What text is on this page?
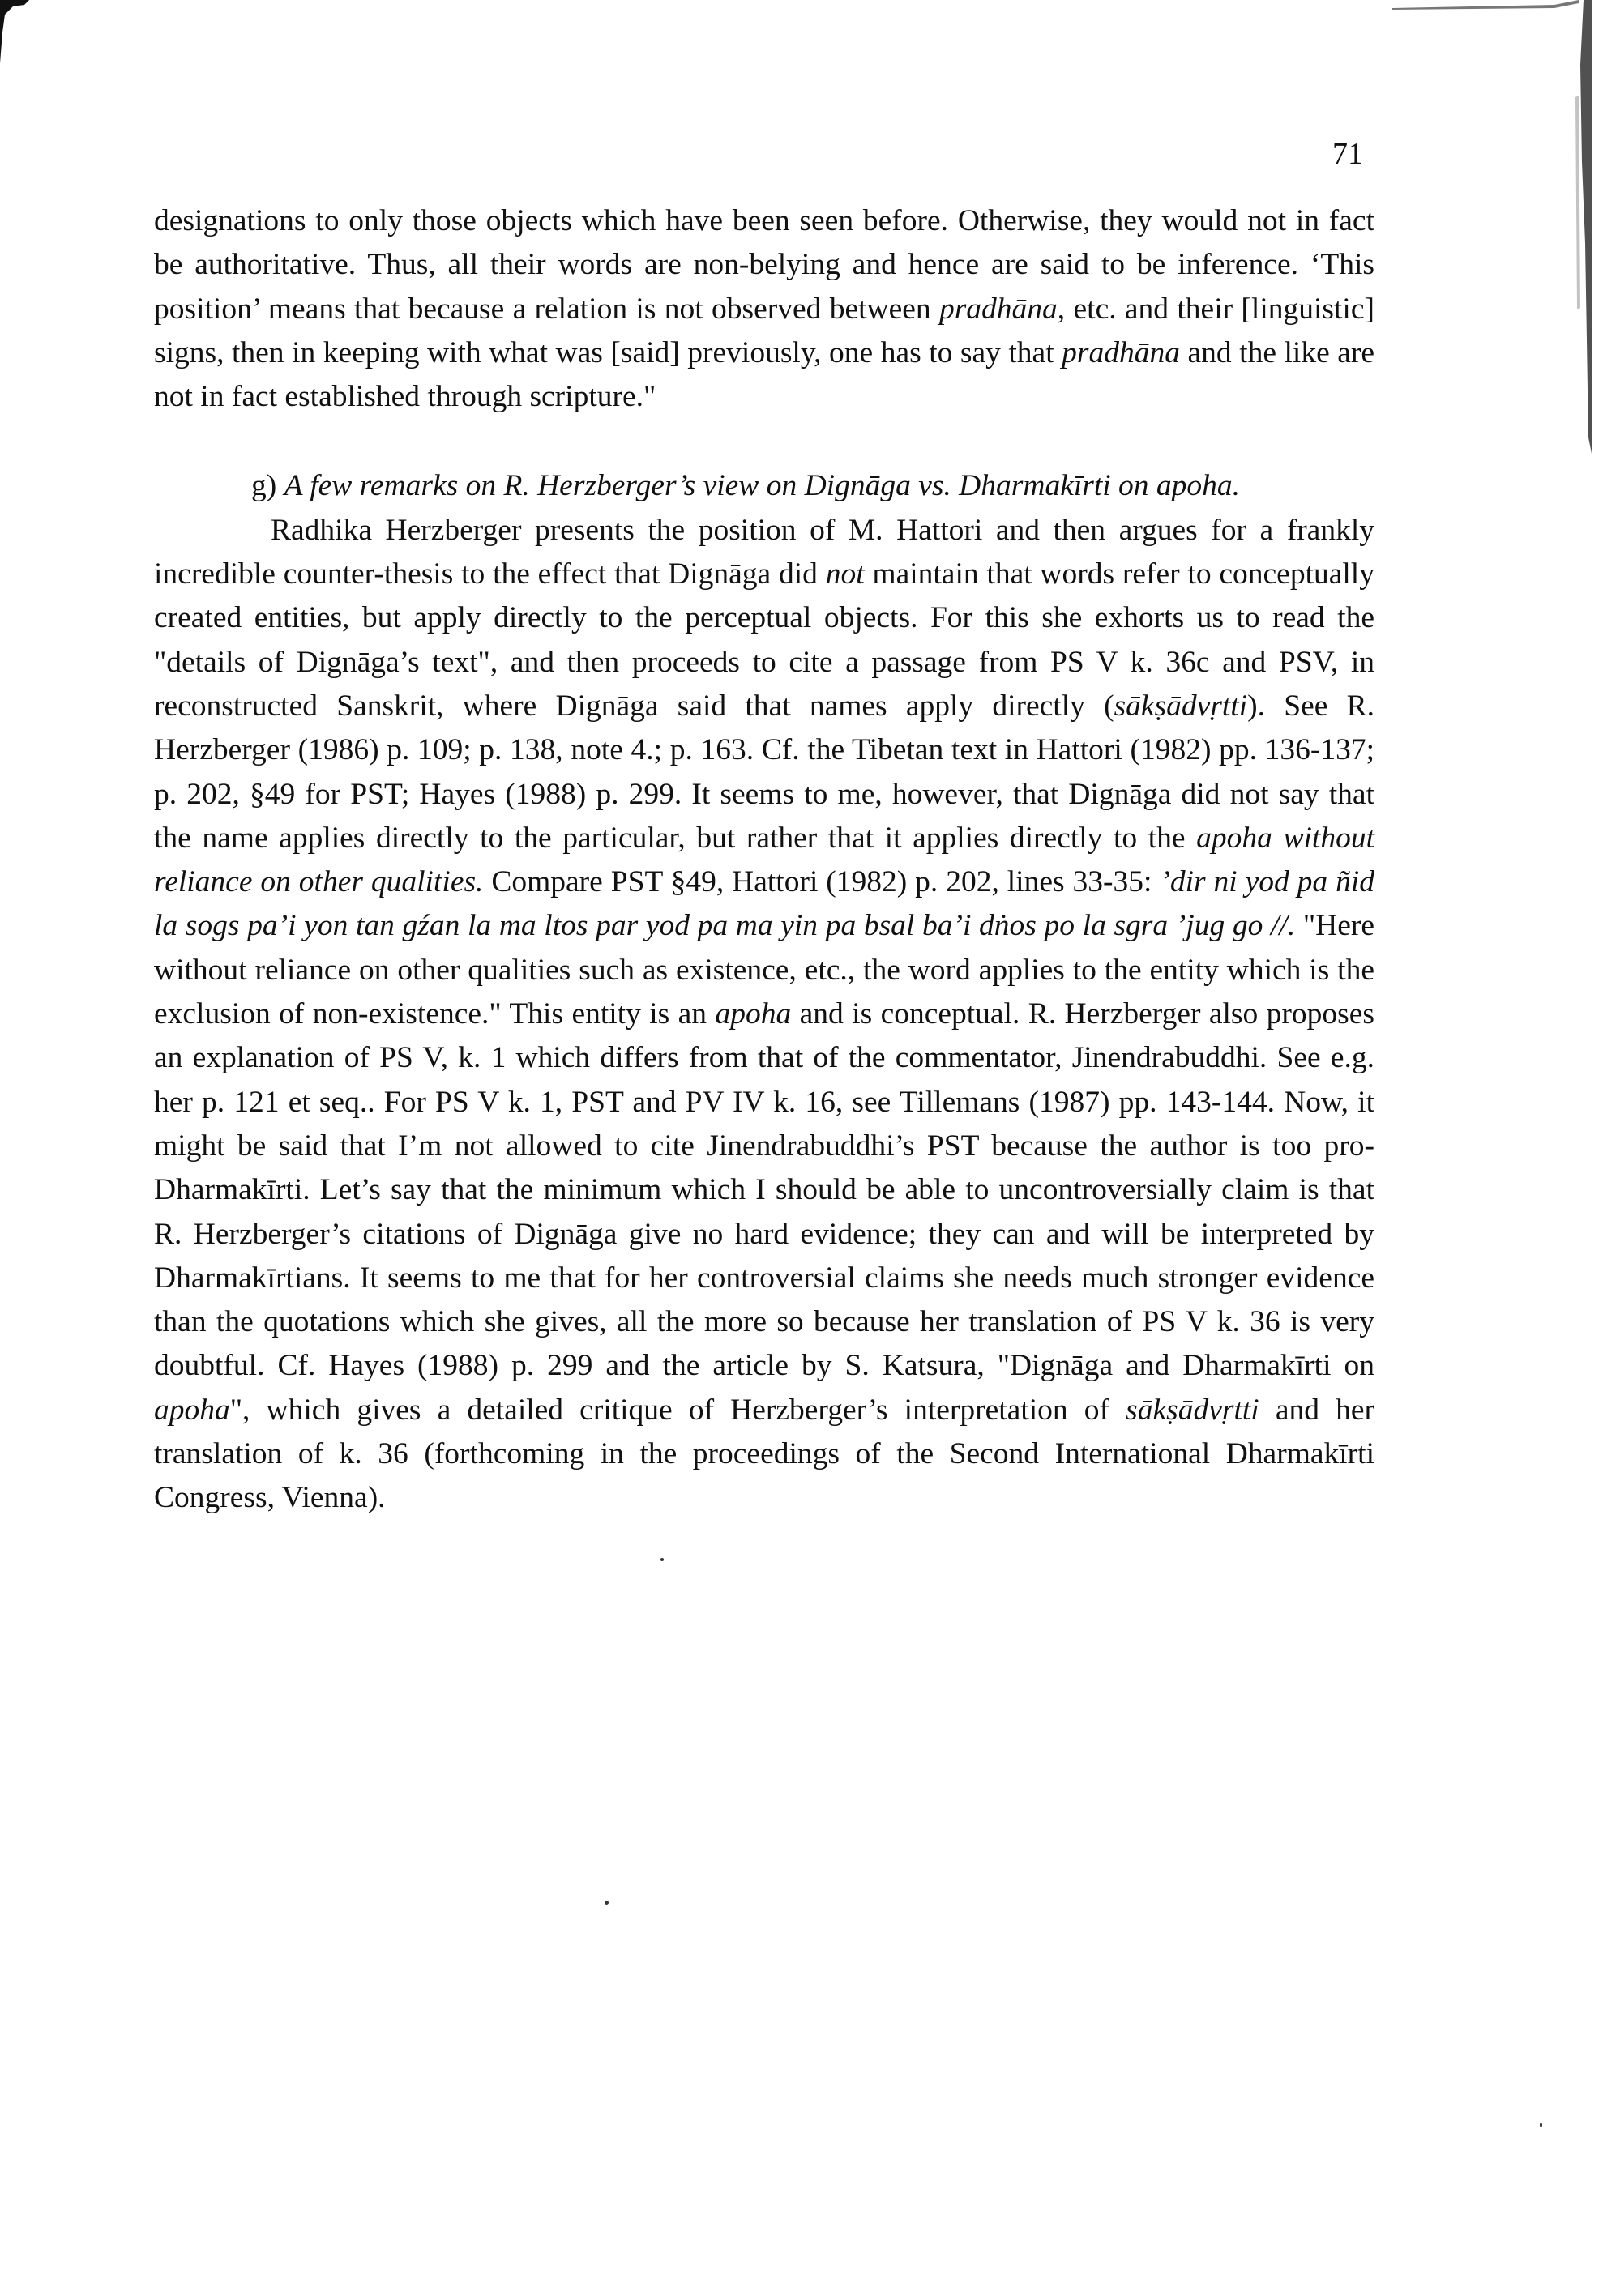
71

designations to only those objects which have been seen before. Otherwise, they would not in fact be authoritative. Thus, all their words are non-belying and hence are said to be inference. ‘This position’ means that because a relation is not observed between pradhāna, etc. and their [linguistic] signs, then in keeping with what was [said] previously, one has to say that pradhāna and the like are not in fact established through scripture."

g) A few remarks on R. Herzberger’s view on Dignāga vs. Dharmakīrti on apoha.

Radhika Herzberger presents the position of M. Hattori and then argues for a frankly incredible counter-thesis to the effect that Dignāga did not maintain that words refer to conceptually created entities, but apply directly to the perceptual objects. For this she exhorts us to read the "details of Dignāga’s text", and then proceeds to cite a passage from PS V k. 36c and PSV, in reconstructed Sanskrit, where Dignāga said that names apply directly (sākṣādvṛtti). See R. Herzberger (1986) p. 109; p. 138, note 4.; p. 163. Cf. the Tibetan text in Hattori (1982) pp. 136-137; p. 202, §49 for PST; Hayes (1988) p. 299. It seems to me, however, that Dignāga did not say that the name applies directly to the particular, but rather that it applies directly to the apoha without reliance on other qualities. Compare PST §49, Hattori (1982) p. 202, lines 33-35: ’dir ni yod pa ñid la sogs pa’i yon tan gźan la ma ltos par yod pa ma yin pa bsal ba’i dṅos po la sgra ’jug go //. "Here without reliance on other qualities such as existence, etc., the word applies to the entity which is the exclusion of non-existence." This entity is an apoha and is conceptual. R. Herzberger also proposes an explanation of PS V, k. 1 which differs from that of the commentator, Jinendrabuddhi. See e.g. her p. 121 et seq.. For PS V k. 1, PST and PV IV k. 16, see Tillemans (1987) pp. 143-144. Now, it might be said that I’m not allowed to cite Jinendrabuddhi’s PST because the author is too pro-Dharmakīrti. Let’s say that the minimum which I should be able to uncontroversially claim is that R. Herzberger’s citations of Dignāga give no hard evidence; they can and will be interpreted by Dharmakīrtians. It seems to me that for her controversial claims she needs much stronger evidence than the quotations which she gives, all the more so because her translation of PS V k. 36 is very doubtful. Cf. Hayes (1988) p. 299 and the article by S. Katsura, "Dignāga and Dharmakīrti on apoha", which gives a detailed critique of Herzberger’s interpretation of sākṣādvṛtti and her translation of k. 36 (forthcoming in the proceedings of the Second International Dharmakīrti Congress, Vienna).
